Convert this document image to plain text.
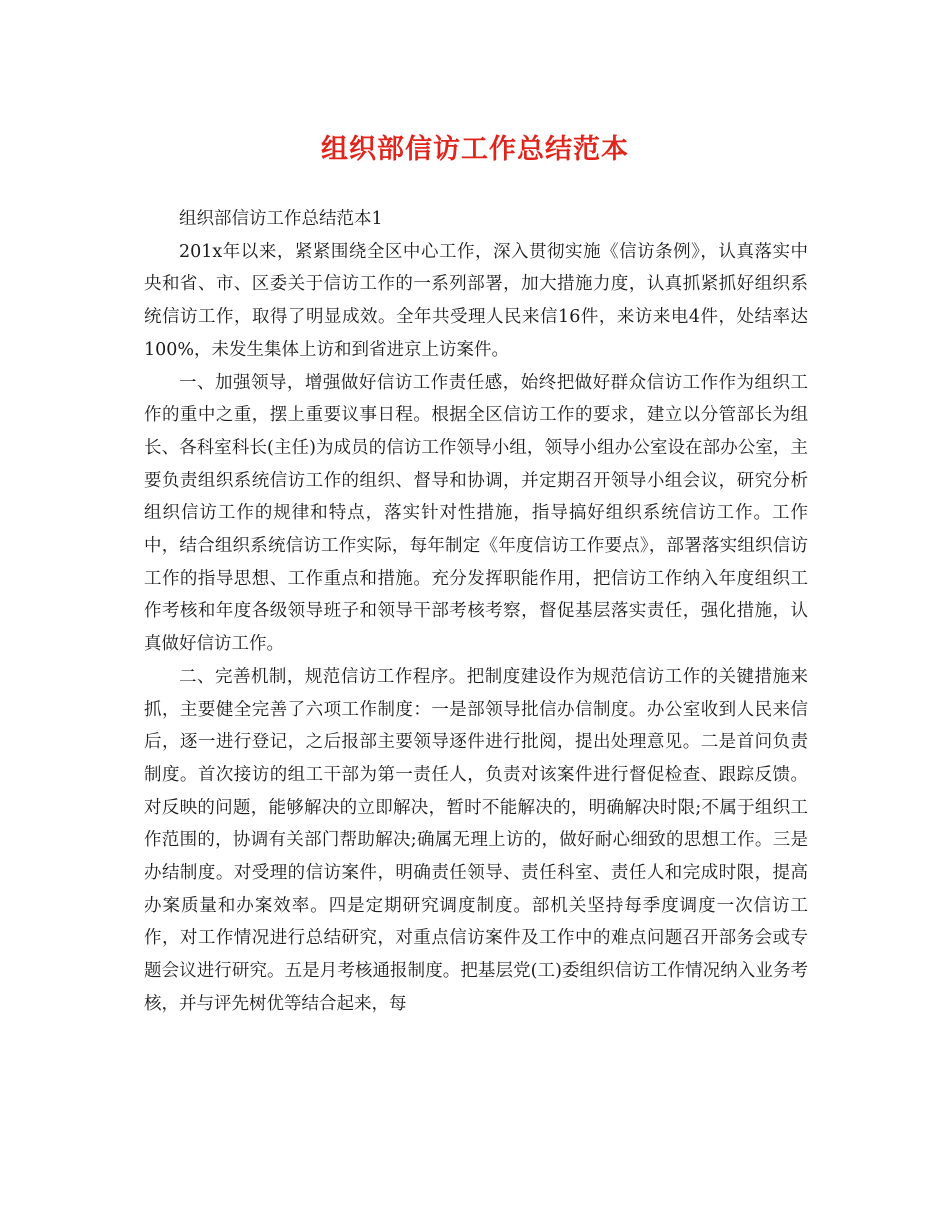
组织部信访工作总结范本

组织部信访工作总结范本1

201x年以来，紧紧围绕全区中心工作，深入贯彻实施《信访条例》，认真落实中央和省、市、区委关于信访工作的一系列部署，加大措施力度，认真抓紧抓好组织系统信访工作，取得了明显成效。全年共受理人民来信16件，来访来电4件，处结率达100%，未发生集体上访和到省进京上访案件。

一、加强领导，增强做好信访工作责任感，始终把做好群众信访工作作为组织工作的重中之重，摆上重要议事日程。根据全区信访工作的要求，建立以分管部长为组长、各科室科长(主任)为成员的信访工作领导小组，领导小组办公室设在部办公室，主要负责组织系统信访工作的组织、督导和协调，并定期召开领导小组会议，研究分析组织信访工作的规律和特点，落实针对性措施，指导搞好组织系统信访工作。工作中，结合组织系统信访工作实际，每年制定《年度信访工作要点》，部署落实组织信访工作的指导思想、工作重点和措施。充分发挥职能作用，把信访工作纳入年度组织工作考核和年度各级领导班子和领导干部考核考察，督促基层落实责任，强化措施，认真做好信访工作。

二、完善机制，规范信访工作程序。把制度建设作为规范信访工作的关键措施来抓，主要健全完善了六项工作制度：一是部领导批信办信制度。办公室收到人民来信后，逐一进行登记，之后报部主要领导逐件进行批阅，提出处理意见。二是首问负责制度。首次接访的组工干部为第一责任人，负责对该案件进行督促检查、跟踪反馈。对反映的问题，能够解决的立即解决，暂时不能解决的，明确解决时限;不属于组织工作范围的，协调有关部门帮助解决;确属无理上访的，做好耐心细致的思想工作。三是办结制度。对受理的信访案件，明确责任领导、责任科室、责任人和完成时限，提高办案质量和办案效率。四是定期研究调度制度。部机关坚持每季度调度一次信访工作，对工作情况进行总结研究，对重点信访案件及工作中的难点问题召开部务会或专题会议进行研究。五是月考核通报制度。把基层党(工)委组织信访工作情况纳入业务考核，并与评先树优等结合起来，每
